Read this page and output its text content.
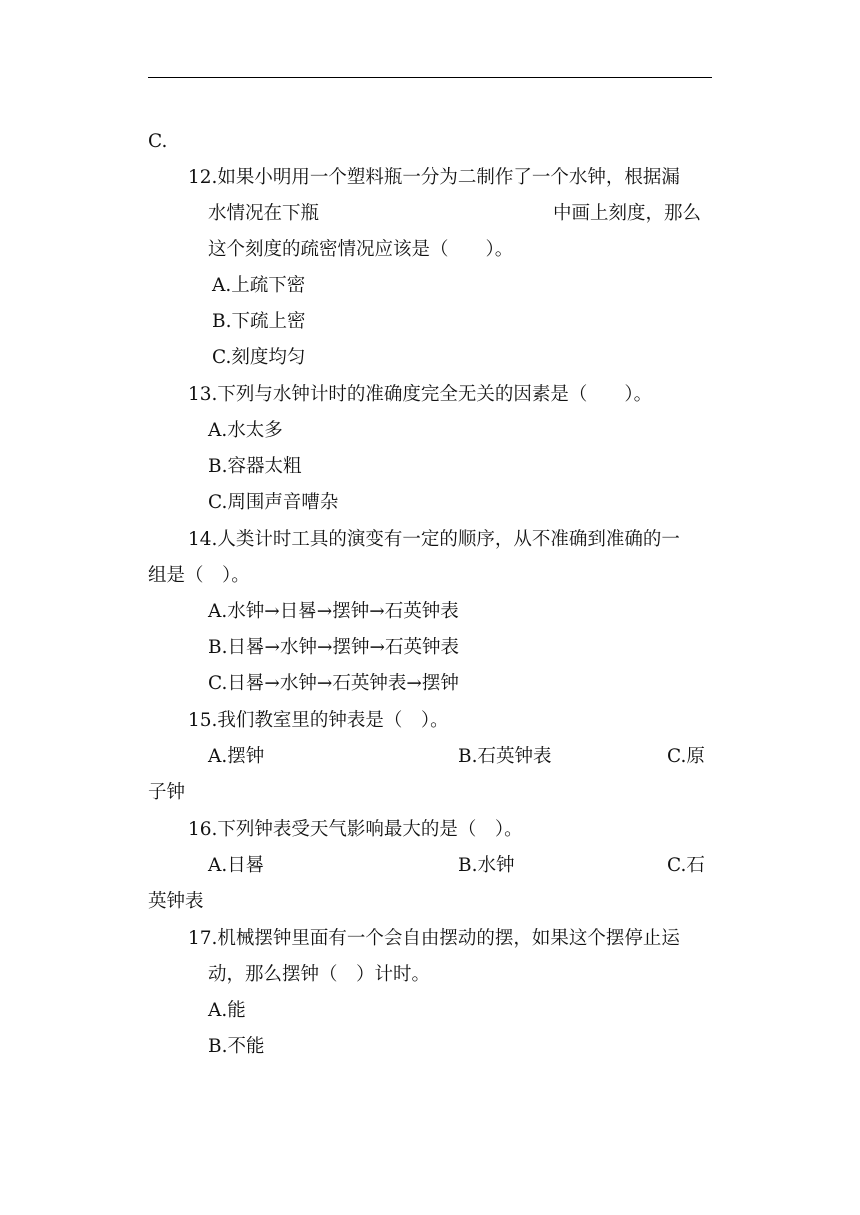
C.
12.如果小明用一个塑料瓶一分为二制作了一个水钟，根据漏
水情况在下瓶	中画上刻度，那么
这个刻度的疏密情况应该是（　　）。
A.上疏下密
B.下疏上密
C.刻度均匀
13.下列与水钟计时的准确度完全无关的因素是（　　）。
A.水太多
B.容器太粗
C.周围声音嘈杂
14.人类计时工具的演变有一定的顺序，从不准确到准确的一
组是（　）。
A.水钟→日晷→摆钟→石英钟表
B.日晷→水钟→摆钟→石英钟表
C.日晷→水钟→石英钟表→摆钟
15.我们教室里的钟表是（　）。
A.摆钟	B.石英钟表	C.原
子钟
16.下列钟表受天气影响最大的是（　）。
A.日晷	B.水钟	C.石
英钟表
17.机械摆钟里面有一个会自由摆动的摆，如果这个摆停止运
动，那么摆钟（　）计时。
A.能
B.不能
